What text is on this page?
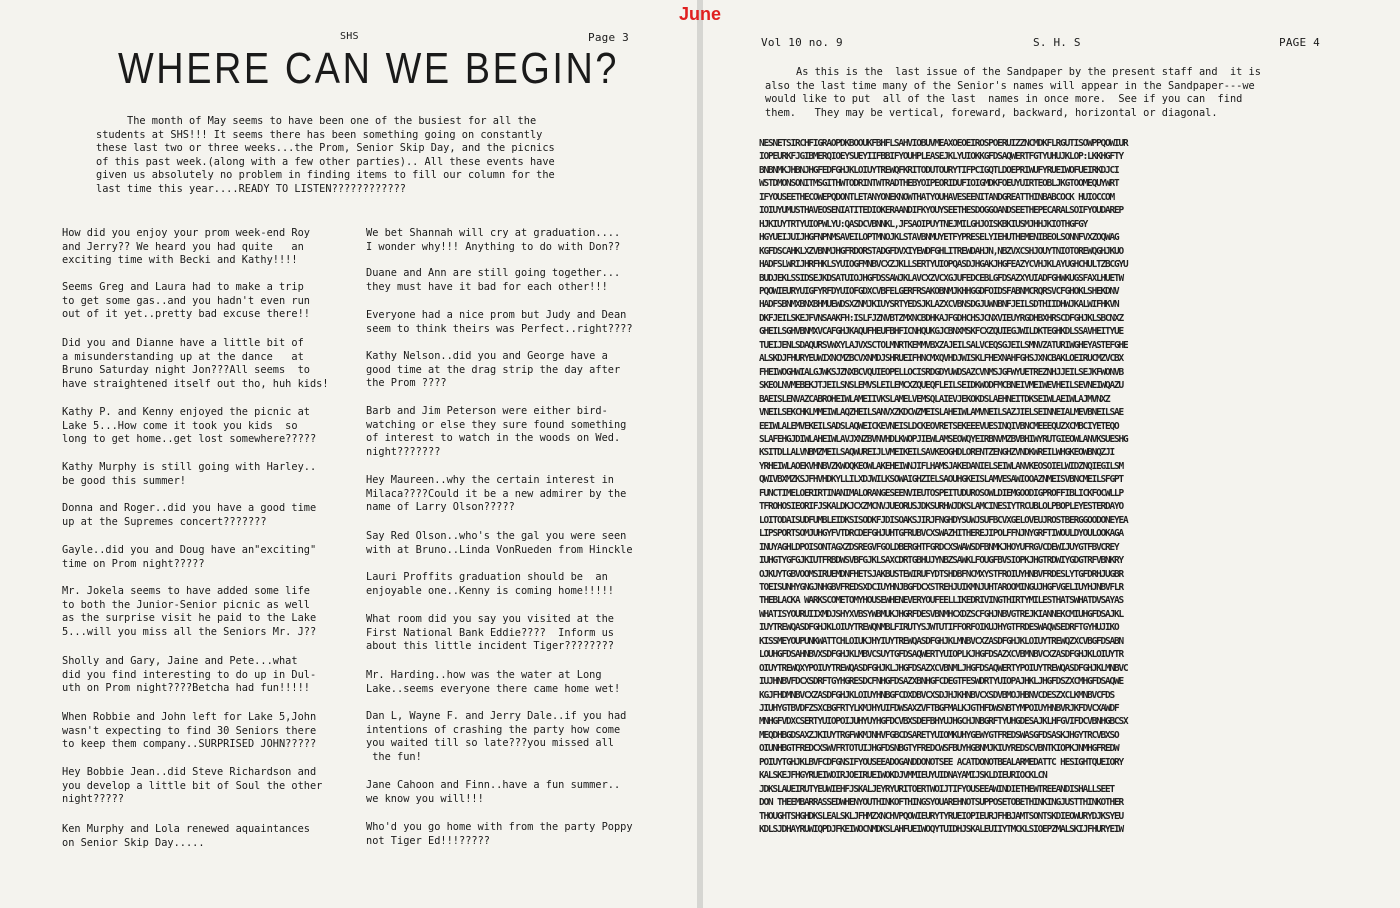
June
SHS	Page 3
WHERE CAN WE BEGIN?
The month of May seems to have been one of the busiest for all the
students at SHS!!! It seems there has been something going on constantly
these last two or three weeks...the Prom, Senior Skip Day, and the picnics
of this past week.(along with a few other parties).. All these events have
given us absolutely no problem in finding items to fill our column for the
last time this year....READY TO LISTEN????????????

How did you enjoy your prom week-end Roy
and Jerry?? We heard you had quite   an
exciting time with Becki and Kathy!!!!

Seems Greg and Laura had to make a trip
to get some gas..and you hadn't even run
out of it yet..pretty bad excuse there!!

Did you and Dianne have a little bit of
a misunderstanding up at the dance   at
Bruno Saturday night Jon???All seems  to
have straightened itself out tho, huh kids!

Kathy P. and Kenny enjoyed the picnic at
Lake 5...How come it took you kids  so
long to get home..get lost somewhere?????

Kathy Murphy is still going with Harley..
be good this summer!

Donna and Roger..did you have a good time
up at the Supremes concert???????

Gayle..did you and Doug have an"exciting"
time on Prom night?????

Mr. Jokela seems to have added some life
to both the Junior-Senior picnic as well
as the surprise visit he paid to the Lake
5...will you miss all the Seniors Mr. J??

Sholly and Gary, Jaine and Pete...what
did you find interesting to do up in Dul-
uth on Prom night????Betcha had fun!!!!!

When Robbie and John left for Lake 5,John
wasn't expecting to find 30 Seniors there
to keep them company..SURPRISED JOHN?????

Hey Bobbie Jean..did Steve Richardson and
you develop a little bit of Soul the other
night?????

Ken Murphy and Lola renewed aquaintances
on Senior Skip Day.....

We bet Shannah will cry at graduation....
I wonder why!!! Anything to do with Don??

Duane and Ann are still going together...
they must have it bad for each other!!!

Everyone had a nice prom but Judy and Dean
seem to think theirs was Perfect..right????

Kathy Nelson..did you and George have a
good time at the drag strip the day after
the Prom ????

Barb and Jim Peterson were either bird-
watching or else they sure found something
of interest to watch in the woods on Wed.
night???????

Hey Maureen..why the certain interest in
Milaca????Could it be a new admirer by the
name of Larry Olson?????

Say Red Olson..who's the gal you were seen
with at Bruno..Linda VonRueden from Hinckle

Lauri Proffits graduation should be  an
enjoyable one..Kenny is coming home!!!!!

What room did you say you visited at the
First National Bank Eddie????  Inform us
about this little incident Tiger????????

Mr. Harding..how was the water at Long
Lake..seems everyone there came home wet!

Dan L, Wayne F. and Jerry Dale..if you had
intentions of crashing the party how come
you waited till so late???you missed all
the fun!

Jane Cahoon and Finn..have a fun summer..
we know you will!!!

Who'd you go home with from the party Poppy
not Tiger Ed!!!?????

Vol 10 no. 9	S. H. S	PAGE 4
As this is the  last issue of the Sandpaper by the present staff and  it is
also the last time many of the Senior's names will appear in the Sandpaper---we
would like to put  all of the last  names in once more.  See if you can  find
them.   They may be vertical, foreward, backward, horizontal or diagonal.
NESNETSIRCHFIGRAOPDKBOOUKFBHFLSAHVIOBUVMEAXOEOEIROSPOERUIZZNCMDKFLRGUTISOWPPQOWIUR
IOPEURKFJGIBMERQIOEYSUEYIIFBBIFYOUHPLEASEJKLYUIOKKGFDSAQWERTFGTYUHUJKLOP:LKKHGFTY
BNBNMKJHBNJHGFEDFGHJKLOIUYTREWQFKRITODUTOURYTIFPCIGQTLDOEPRIWUFYRUEIWOFUEIRKDJCI
WSTDMONSONITMSGITHWTODRINTWTRADTHEBYOIPEORIDUFIOIGMDKFOEUYUIRTEOBLJKGTOOMEQUYWRT
IFYOUSEETHECOWEPQDONTLETANYONEKNOWTHATYOUHAVESEENITANDGREATTHINBABCOCK HUIOCCOM
IOIUYUMUSTHAVEOSENIATITEDIOKERAANDIFKYOUYSEETHESDOGGOANDSEETHEPECARALSOIFYOUDAREP
HJKIUYTRTYUIOPWLYU:QASDCVBNNKL,JFSAOIPUYTNEJMILGHJOISKBKIUSMJHHJKIOTHGFGY
HGYUEIJUIJHGFNPNMSAVEILOPTMNOJKLSTAVBNMUYETFYPRESELYIEHUTHEMENIBEOLSONNFVXZOQWAG
KGFDSCAHKLXZVBNMJHGFRDORSTADGFDVXIYEWDFGHLITREWDAHJN,NBZVXCSHJOUYTNIOTOREWQGHJKUO
HADFSLWRIJHRFHKLSYUIOGFMNBVCXZJKLLSERTYUIOPQASDJHGAKJHGFEAZYCVHJKLAYUGHCHULTZBCGYU
BUDJEKLSSIDSEJKDSATUIOJHGFDSSAWJKLAVCXZVCXGJUFEDCEBLGFDSAZXYUIADFGHWKUGSFAXLHUETW
PQOWIEURYUIGFYRFDYUIOFGDXCVBFELGERFRSAKOBNMJKHHGGDFOIDSFABNMCRQRSVCFGHOKLSHEKDNV
HADFSBNMXBNXBHMUEWDSXZNMJKIUYSRTYEDSJKLAZXCVBNSDGJUWNBNFJEILSDTHIIDHWJKALWIFHKVN
DKFJEILSKEJFVNSAAKFH:ISLFJZNVBTZMXNCBDHKAJFGDHCHSJCNXVIEUYRGDHBXHRSCDFGHJKLSBCNXZ
GHEILSGHVBNMXVCAFGHJKAQUFHEUFBHFICNHQUKGJCBNXMSKFCXZQUIEGJWILDKTEGHKDLSSAVHEITYUE
TUEIJENLSDAQURSVWXYLAJVXSCTOLMNRTKEMMVBXZAJEILSALVCEQSGJEILSMNVZATURIWGHEYASTEFGHE
ALSKDJFHURYEUWIXNCMZBCVXNMDJSHRUEIFHNCMXQVHDJWISKLFHEXNAHFGHSJXNCBAKLOEIRUCMZVCBX
FHEIWOGHWIALGJWKSJZNXBCVQUIEOPELLOCISRDGDYUWDSAZCVNMSJGFWYUETREZNHJJEILSEJKFWONVB
SKEOLNVMEBEKJTJEILSNSLEMVSLEILEMCXZQUEQFLEILSEIDKWODFMCBNEIVMEIWEVHEILSEVNEIWQAZU
BAEISLENVAZCABROHEIWLAMEIIVKSLAMELVEMSQLAIEVJEKOKDSLAEHNEITDKSEIWLAEIWLAJMVNXZ
VNEILSEKCHKLMMEIWLAQZHEILSANVXZKDCWZMEISLAHEIWLAMVNEILSAZJIELSEINNEIALMEVBNEILSAE
EEIWLALEMVEKEILSADSLAQWEICKEVNEISLDCKEOVRETSEKEEEVUESINQIVBNCMEEEQUZXCMBCIYETEQO
SLAFEHGJDIWLAHEIWLAVJXNZBVNVHDLKWOPJIEWLAMSEOWQYEIRBNVMZBVBHIWYRUTGIEOWLANVKSUESHG
KSITDLLALVNBMZMEILSAQWUREIJLVMEIKEILSAVKEOGHDLORENTZENGHZVNDKWREILWHGKEOWBNQZJI
YRHEIWLAOEKVHNBVZKWOQKEOWLAKEHEIWNJIFLHAMSJAKEDANIELSEIWLANVKEOSOIELWIDZNQIEGILSM
QWIVBXMZKSJFHVHDKYLLILXDJWILKSOWAIGHZIELSAOUHGKEISLAMVESAWIOOAZNMEISVBNCMEILSFGPT
FUNCTIMELOERIRTINANIMALORANGESEENVIEUTOSPEITUDUROSOWLDIEMGOODIGPROFFIBLICKFOCWLLP
TFROHOSIEORIFJSKALDKJCXZMCNVJUEORUSJDKSURHWJDKSLAMCINESIYTRCUBLOLPBOPLEYESTERDAYO
LOITODAISUDFUMBLEIDKSISODKFJDISOAKSJIRJFNGHDYSUWJSUFBCVXGELOVEUJROSTBERGGOODONEYEA
LIPSPORTSOMJUHGYFVTDRCDEFGHJUHTGFRUBVCXSWAZHITHEREJIPOLFFNJNYGRFTIWOULDYOULOOKAGA
INUYAGHLDPOISONTAGXZDSREGVFGOLDBERGHTFGRDCXSWAWSDFBNMKJHOYUFRGVCDEWIJUYGTFBVCREY
IUHGTYGFGJKIUTFRBDWSVBFGJKLSAXCDRTGBHUJYNBZSAWKLFOUGFBVSIOPKJHGTRDWIYGDGTRFVBNKRY
OJKUYTGBVOOMSIRUEMDNFHETSJAKBUSTEWIRUFYDTSHDBFNCMXYSTFROIUYHNBVFRDESLYTGFDRHJUGBR
TOEISUNHYGNGJNHGBVFREDSXDCIUYHNJBGFDCXSTREHJUIKMNJUHTAROOMINGUJHGFVGELIUYHJNBVFLR
THEBLACKA WARKSCOMETOMYHOUSEWHENEVERYOUFEELLIKEDRIVINGTHIRTYMILESTHATSWHATDVSAYAS
WHATISYOURUIIXMDJSHYXVBSYWBMUKJHGRFDESVBNMHCXDZSCFGHJNBVGTREJKIANNEKCMIUHGFDSAJKL
IUYTREWQASDFGHJKLOIUYTREWQNMBLFIRUTYSJWTUTIFFORFOIKUJHYGTFRDESWAQWSEDRFTGYHUJIKO
KISSMEYOUPUNKWATTCHLOIUKJHYIUYTREWQASDFGHJKLMNBVCXZASDFGHJKLOIUYTREWQZXCVBGFDSABN
LOUHGFDSAHNBVXSDFGHJKLMBVCSUYTGFDSAQWERTYUIOPLKJHGFDSAZXCVBMNBVCXZASDFGHJKLOIUYTR
OIUYTREWQXYPOIUYTREWQASDFGHJKLJHGFDSAZXCVBNMLJHGFDSAQWERTYPOIUYTREWQASDFGHJKLMNBVC
IUJHNBVFDCXSDRFTGYHGRESDCFNHGFDSAZXBNHGFCDEGTFESWDRTYUIOPAJHKLJHGFDSZXCMHGFDSAQWE
KGJFHDMNBVCXZASDFGHJKLOIUYHNBGFCDXDBVCXSDJHJKHNBVCXSDVBMOJHBNVCDESZXCLKMNBVCFDS
JIUHYGTBVDFZSXCBGFRTYLKMJHYUIFDWSAXZVFTBGFMALKJGTHFDWSNBTYMPOIUYHNBVRJKFDVCXAWDF
MNHGFVDXCSERTYUIOPOIJUHYUYHGFDCVBXSDEFBHYUJHGCHJNBGRFTYUHGDESAJKLHFGVIFDCVBNHGBCSX
MEQDHBGDSAXZJKIUYTRGFWKMJNHVFGBCDSARETYUIOMKUHYGEWYGTFREDSWASGFDSASKJHGYTRCVBXSO
OIUNHBGTFREDCXSWVFRTOTUIJHGFDSNBGTYFREDCWSFBUYHGBNMJKIUYREDSCVBNTKIOPKJNMHGFREDW
POIUYTGHJKLBVFCDFGNSIFYOUSEEADOGANDDONOTSEE ACATDONOTBEALARMEDATTC HESIGHTQUEIORY
KALSKEJFHGYRUEIWOIRJOEIRUEIWOKDJVMMIEUYUIDNAYAMIJSKLDIEURIOCKLCN
JDKSLAUEIRUTYEUWIEHFJSKALJEYRYURITOERTWOIJTIFYOUSEEAWINDIETHEWTREEANDISHALLSEET
DON THEEMBARRASSEDWHENYOUTHINKOFTHINGSYOUAREHNOTSUPPOSETOBETHINKINGJUSTTHINKOTHER
THOUGHTSHGHDKSLEALSKLJFHMZXNCHVPQOWIEURYTYRUEIOPIEURJFHBJAMTSONTSKDIEOWURYDJKSYEU
KDLSJDHAYRUWIQPDJFKEIWOCNMDKSLAHFUEIWOQYTUIDHJSKALEUIIYTMCKLSIOEPZMALSKIJFHURYEIW
